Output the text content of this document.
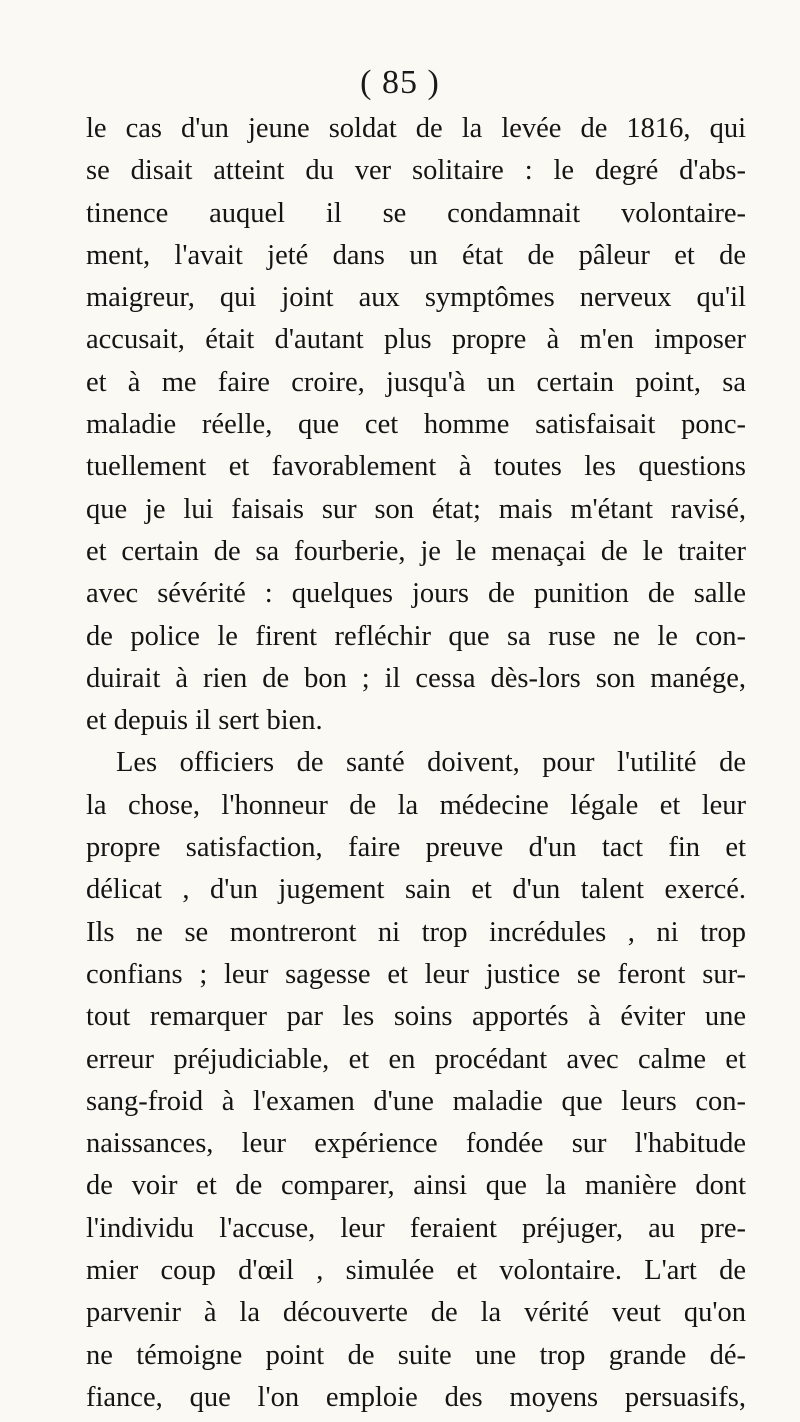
( 85 )
le cas d'un jeune soldat de la levée de 1816, qui
se disait atteint du ver solitaire : le degré d'abs-
tinence auquel il se condamnait volontaire-
ment, l'avait jeté dans un état de pâleur et de
maigreur, qui joint aux symptômes nerveux qu'il
accusait, était d'autant plus propre à m'en imposer
et à me faire croire, jusqu'à un certain point, sa
maladie réelle, que cet homme satisfaisait ponc-
tuellement et favorablement à toutes les questions
que je lui faisais sur son état; mais m'étant ravisé,
et certain de sa fourberie, je le menaçai de le traiter
avec sévérité : quelques jours de punition de salle
de police le firent refléchir que sa ruse ne le con-
duirait à rien de bon ; il cessa dès-lors son manége,
et depuis il sert bien.
Les officiers de santé doivent, pour l'utilité de
la chose, l'honneur de la médecine légale et leur
propre satisfaction, faire preuve d'un tact fin et
délicat , d'un jugement sain et d'un talent exercé.
Ils ne se montreront ni trop incrédules , ni trop
confians ; leur sagesse et leur justice se feront sur-
tout remarquer par les soins apportés à éviter une
erreur préjudiciable, et en procédant avec calme et
sang-froid à l'examen d'une maladie que leurs con-
naissances, leur expérience fondée sur l'habitude
de voir et de comparer, ainsi que la manière dont
l'individu l'accuse, leur feraient préjuger, au pre-
mier coup d'œil , simulée et volontaire. L'art de
parvenir à la découverte de la vérité veut qu'on
ne témoigne point de suite une trop grande dé-
fiance, que l'on emploie des moyens persuasifs,
